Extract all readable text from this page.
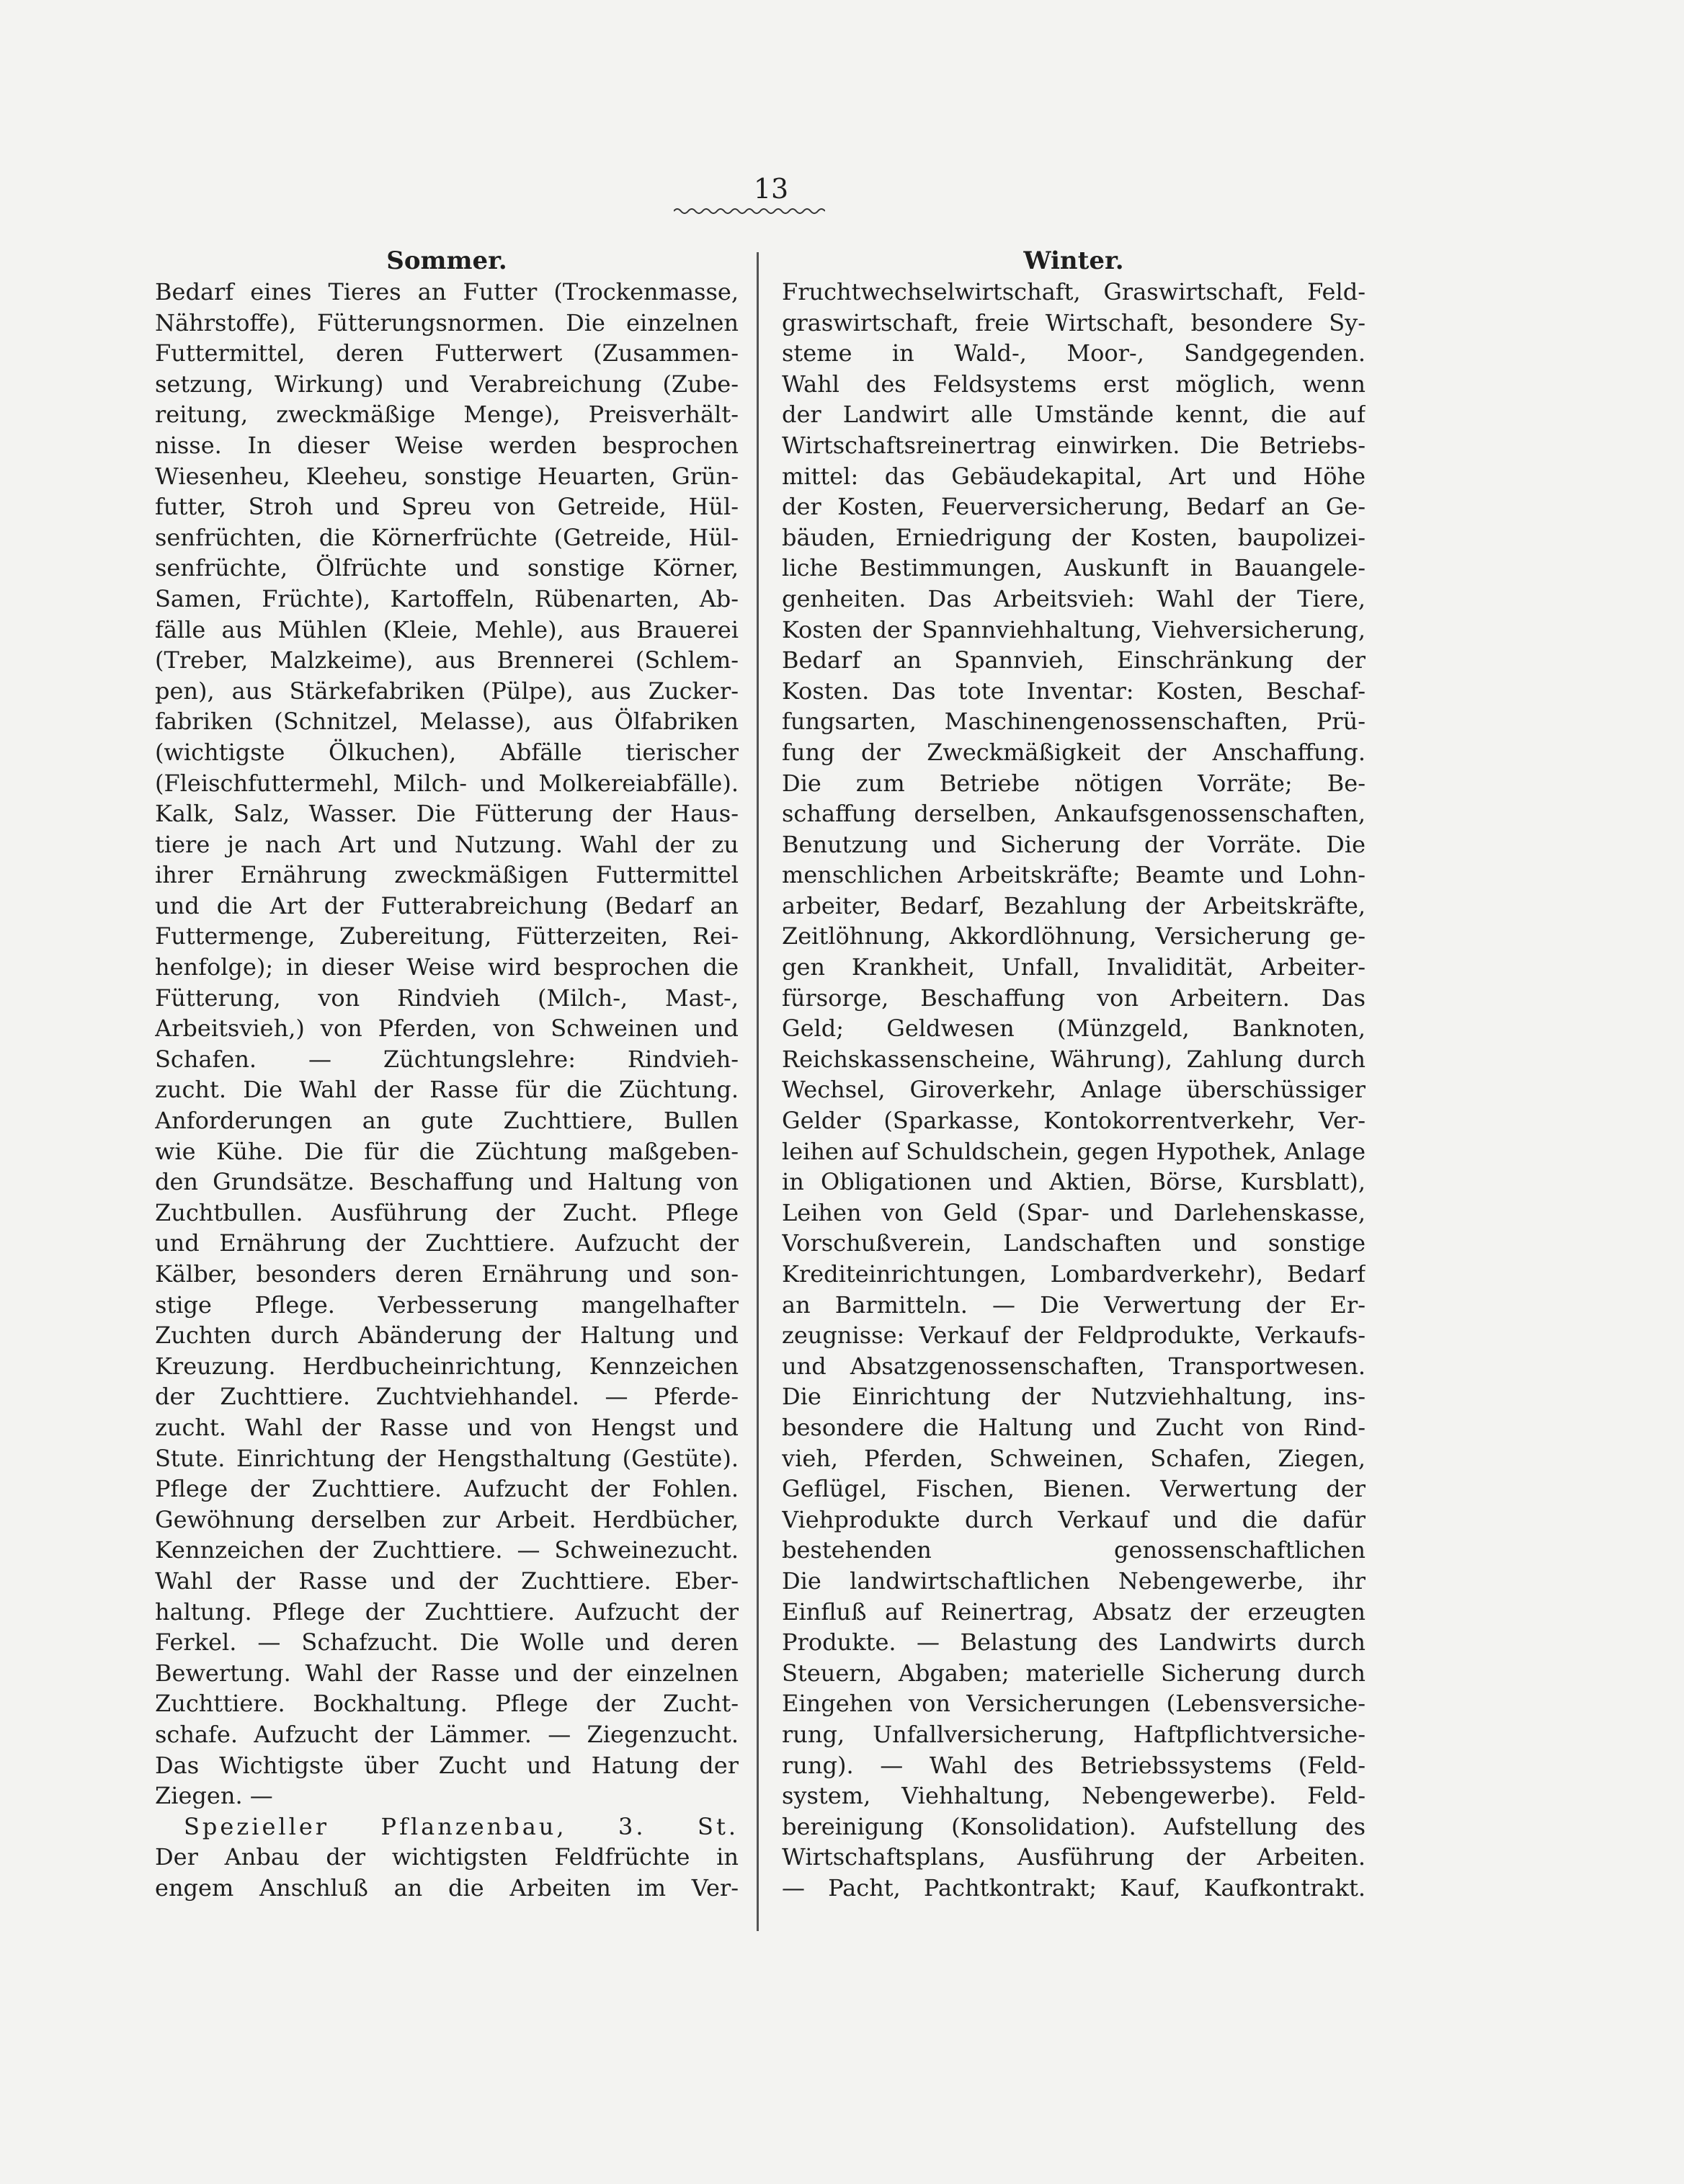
13
Sommer.
Bedarf eines Tieres an Futter (Trockenmasse,
Nährstoffe), Fütterungsnormen. Die einzelnen
Futtermittel, deren Futterwert (Zusammen-
setzung, Wirkung) und Verabreichung (Zube-
reitung, zweckmäßige Menge), Preisverhält-
nisse. In dieser Weise werden besprochen
Wiesenheu, Kleeheu, sonstige Heuarten, Grün-
futter, Stroh und Spreu von Getreide, Hül-
senfrüchten, die Körnerfrüchte (Getreide, Hül-
senfrüchte, Ölfrüchte und sonstige Körner,
Samen, Früchte), Kartoffeln, Rübenarten, Ab-
fälle aus Mühlen (Kleie, Mehle), aus Brauerei
(Treber, Malzkeime), aus Brennerei (Schlem-
pen), aus Stärkefabriken (Pülpe), aus Zucker-
fabriken (Schnitzel, Melasse), aus Ölfabriken
(wichtigste Ölkuchen), Abfälle tierischer
(Fleischfuttermehl, Milch- und Molkereiabfälle).
Kalk, Salz, Wasser. Die Fütterung der Haus-
tiere je nach Art und Nutzung. Wahl der zu
ihrer Ernährung zweckmäßigen Futtermittel
und die Art der Futterabreichung (Bedarf an
Futtermenge, Zubereitung, Fütterzeiten, Rei-
henfolge); in dieser Weise wird besprochen die
Fütterung, von Rindvieh (Milch-, Mast-,
Arbeitsvieh,) von Pferden, von Schweinen und
Schafen. — Züchtungslehre: Rindvieh-
zucht. Die Wahl der Rasse für die Züchtung.
Anforderungen an gute Zuchttiere, Bullen
wie Kühe. Die für die Züchtung maßgeben-
den Grundsätze. Beschaffung und Haltung von
Zuchtbullen. Ausführung der Zucht. Pflege
und Ernährung der Zuchttiere. Aufzucht der
Kälber, besonders deren Ernährung und son-
stige Pflege. Verbesserung mangelhafter
Zuchten durch Abänderung der Haltung und
Kreuzung. Herdbucheinrichtung, Kennzeichen
der Zuchttiere. Zuchtviehhandel. — Pferde-
zucht. Wahl der Rasse und von Hengst und
Stute. Einrichtung der Hengsthaltung (Gestüte).
Pflege der Zuchttiere. Aufzucht der Fohlen.
Gewöhnung derselben zur Arbeit. Herdbücher,
Kennzeichen der Zuchttiere. — Schweinezucht.
Wahl der Rasse und der Zuchttiere. Eber-
haltung. Pflege der Zuchttiere. Aufzucht der
Ferkel. — Schafzucht. Die Wolle und deren
Bewertung. Wahl der Rasse und der einzelnen
Zuchttiere. Bockhaltung. Pflege der Zucht-
schafe. Aufzucht der Lämmer. — Ziegenzucht.
Das Wichtigste über Zucht und Hatung der
Ziegen. —
Spezieller Pflanzenbau, 3. St.
Der Anbau der wichtigsten Feldfrüchte in
engem Anschluß an die Arbeiten im Ver-
Winter.
Fruchtwechselwirtschaft, Graswirtschaft, Feld-
graswirtschaft, freie Wirtschaft, besondere Sy-
steme in Wald-, Moor-, Sandgegenden.
Wahl des Feldsystems erst möglich, wenn
der Landwirt alle Umstände kennt, die auf
Wirtschaftsreinertrag einwirken. Die Betriebs-
mittel: das Gebäudekapital, Art und Höhe
der Kosten, Feuerversicherung, Bedarf an Ge-
bäuden, Erniedrigung der Kosten, baupolizei-
liche Bestimmungen, Auskunft in Bauangele-
genheiten. Das Arbeitsvieh: Wahl der Tiere,
Kosten der Spannviehhaltung, Viehversicherung,
Bedarf an Spannvieh, Einschränkung der
Kosten. Das tote Inventar: Kosten, Beschaf-
fungsarten, Maschinengenossenschaften, Prü-
fung der Zweckmäßigkeit der Anschaffung.
Die zum Betriebe nötigen Vorräte; Be-
schaffung derselben, Ankaufsgenossenschaften,
Benutzung und Sicherung der Vorräte. Die
menschlichen Arbeitskräfte; Beamte und Lohn-
arbeiter, Bedarf, Bezahlung der Arbeitskräfte,
Zeitlöhnung, Akkordlöhnung, Versicherung ge-
gen Krankheit, Unfall, Invalidität, Arbeiter-
fürsorge, Beschaffung von Arbeitern. Das
Geld; Geldwesen (Münzgeld, Banknoten,
Reichskassenscheine, Währung), Zahlung durch
Wechsel, Giroverkehr, Anlage überschüssiger
Gelder (Sparkasse, Kontokorrentverkehr, Ver-
leihen auf Schuldschein, gegen Hypothek, Anlage
in Obligationen und Aktien, Börse, Kursblatt),
Leihen von Geld (Spar- und Darlehenskasse,
Vorschußverein, Landschaften und sonstige
Krediteinrichtungen, Lombardverkehr), Bedarf
an Barmitteln. — Die Verwertung der Er-
zeugnisse: Verkauf der Feldprodukte, Verkaufs-
und Absatzgenossenschaften, Transportwesen.
Die Einrichtung der Nutzviehhaltung, ins-
besondere die Haltung und Zucht von Rind-
vieh, Pferden, Schweinen, Schafen, Ziegen,
Geflügel, Fischen, Bienen. Verwertung der
Viehprodukte durch Verkauf und die dafür
bestehenden genossenschaftlichen
Die landwirtschaftlichen Nebengewerbe, ihr
Einfluß auf Reinertrag, Absatz der erzeugten
Produkte. — Belastung des Landwirts durch
Steuern, Abgaben; materielle Sicherung durch
Eingehen von Versicherungen (Lebensversiche-
rung, Unfallversicherung, Haftpflichtversiche-
rung). — Wahl des Betriebssystems (Feld-
system, Viehhaltung, Nebengewerbe). Feld-
bereinigung (Konsolidation). Aufstellung des
Wirtschaftsplans, Ausführung der Arbeiten.
— Pacht, Pachtkontrakt; Kauf, Kaufkontrakt.
